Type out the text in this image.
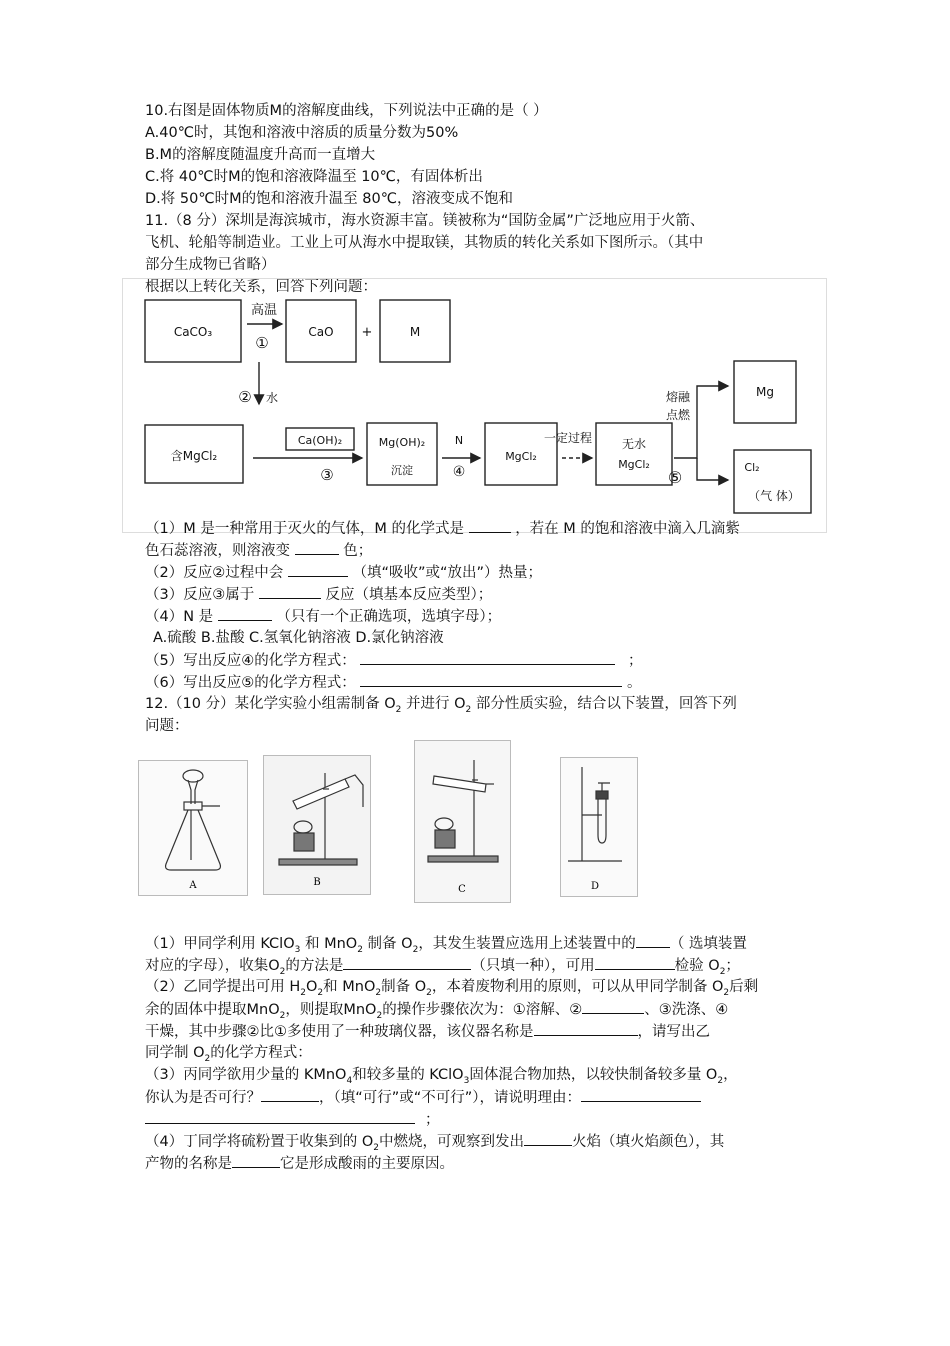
10.右图是固体物质M的溶解度曲线，下列说法中正确的是（ ）
A.40℃时，其饱和溶液中溶质的质量分数为50%
B.M的溶解度随温度升高而一直增大
C.将 40℃时M的饱和溶液降温至 10℃，有固体析出
D.将 50℃时M的饱和溶液升温至 80℃，溶液变成不饱和
11.（8 分）深圳是海滨城市，海水资源丰富。镁被称为“国防金属”广泛地应用于火箭、
飞机、轮船等制造业。工业上可从海水中提取镁，其物质的转化关系如下图所示。（其中
部分生成物已省略）
根据以上转化关系，回答下列问题：
CaCO₃	CaO +	M
高温
①
② 水
含MgCl₂
Ca(OH)₂
③
Mg(OH)₂
沉淀
N
④
MgCl₂
一定过程 无水
MgCl₂
熔融
点燃
⑤
Mg
Cl₂
（气 体）
（1）M 是一种常用于灭火的气体，M 的化学式是	，若在 M 的饱和溶液中滴入几滴紫
色石蕊溶液，则溶液变	色；
（2）反应②过程中会	（填“吸收”或“放出”）热量；
（3）反应③属于	反应（填基本反应类型）；
（4）N 是	（只有一个正确选项，选填字母）；
A.硫酸 B.盐酸 C.氢氧化钠溶液 D.氯化钠溶液
（5）写出反应④的化学方程式：	；
（6）写出反应⑤的化学方程式：	。
12.（10 分）某化学实验小组需制备 $O_2$ 并进行 $O_2$ 部分性质实验，结合以下装置，回答下列
问题：
A	B
C	D
（1）甲同学利用 KClO$_3$ 和 MnO$_2$ 制备 $O_2$，其发生装置应选用上述装置中的 （ 选填装置
对应的字母），收集$O_2$的方法是	（只填一种），可用	检验 $O_2$；
（2）乙同学提出可用 $H_2O_2$和 MnO$_2$制备 $O_2$，本着废物利用的原则，可以从甲同学制备 $O_2$后剩
余的固体中提取MnO$_2$，则提取MnO$_2$的操作步骤依次为：①溶解、②	、③洗涤、④
干燥，其中步骤②比①多使用了一种玻璃仪器，该仪器名称是	，请写出乙
同学制 $O_2$的化学方程式：
（3）丙同学欲用少量的 KMnO$_4$和较多量的 KClO$_3$固体混合物加热，以较快制备较多量 $O_2$，
你认为是否可行？	，（填“可行”或“不可行”），请说明理由：
；
（4）丁同学将硫粉置于收集到的 $O_2$中燃烧，可观察到发出	火焰（填火焰颜色），其
产物的名称是	它是形成酸雨的主要原因。
